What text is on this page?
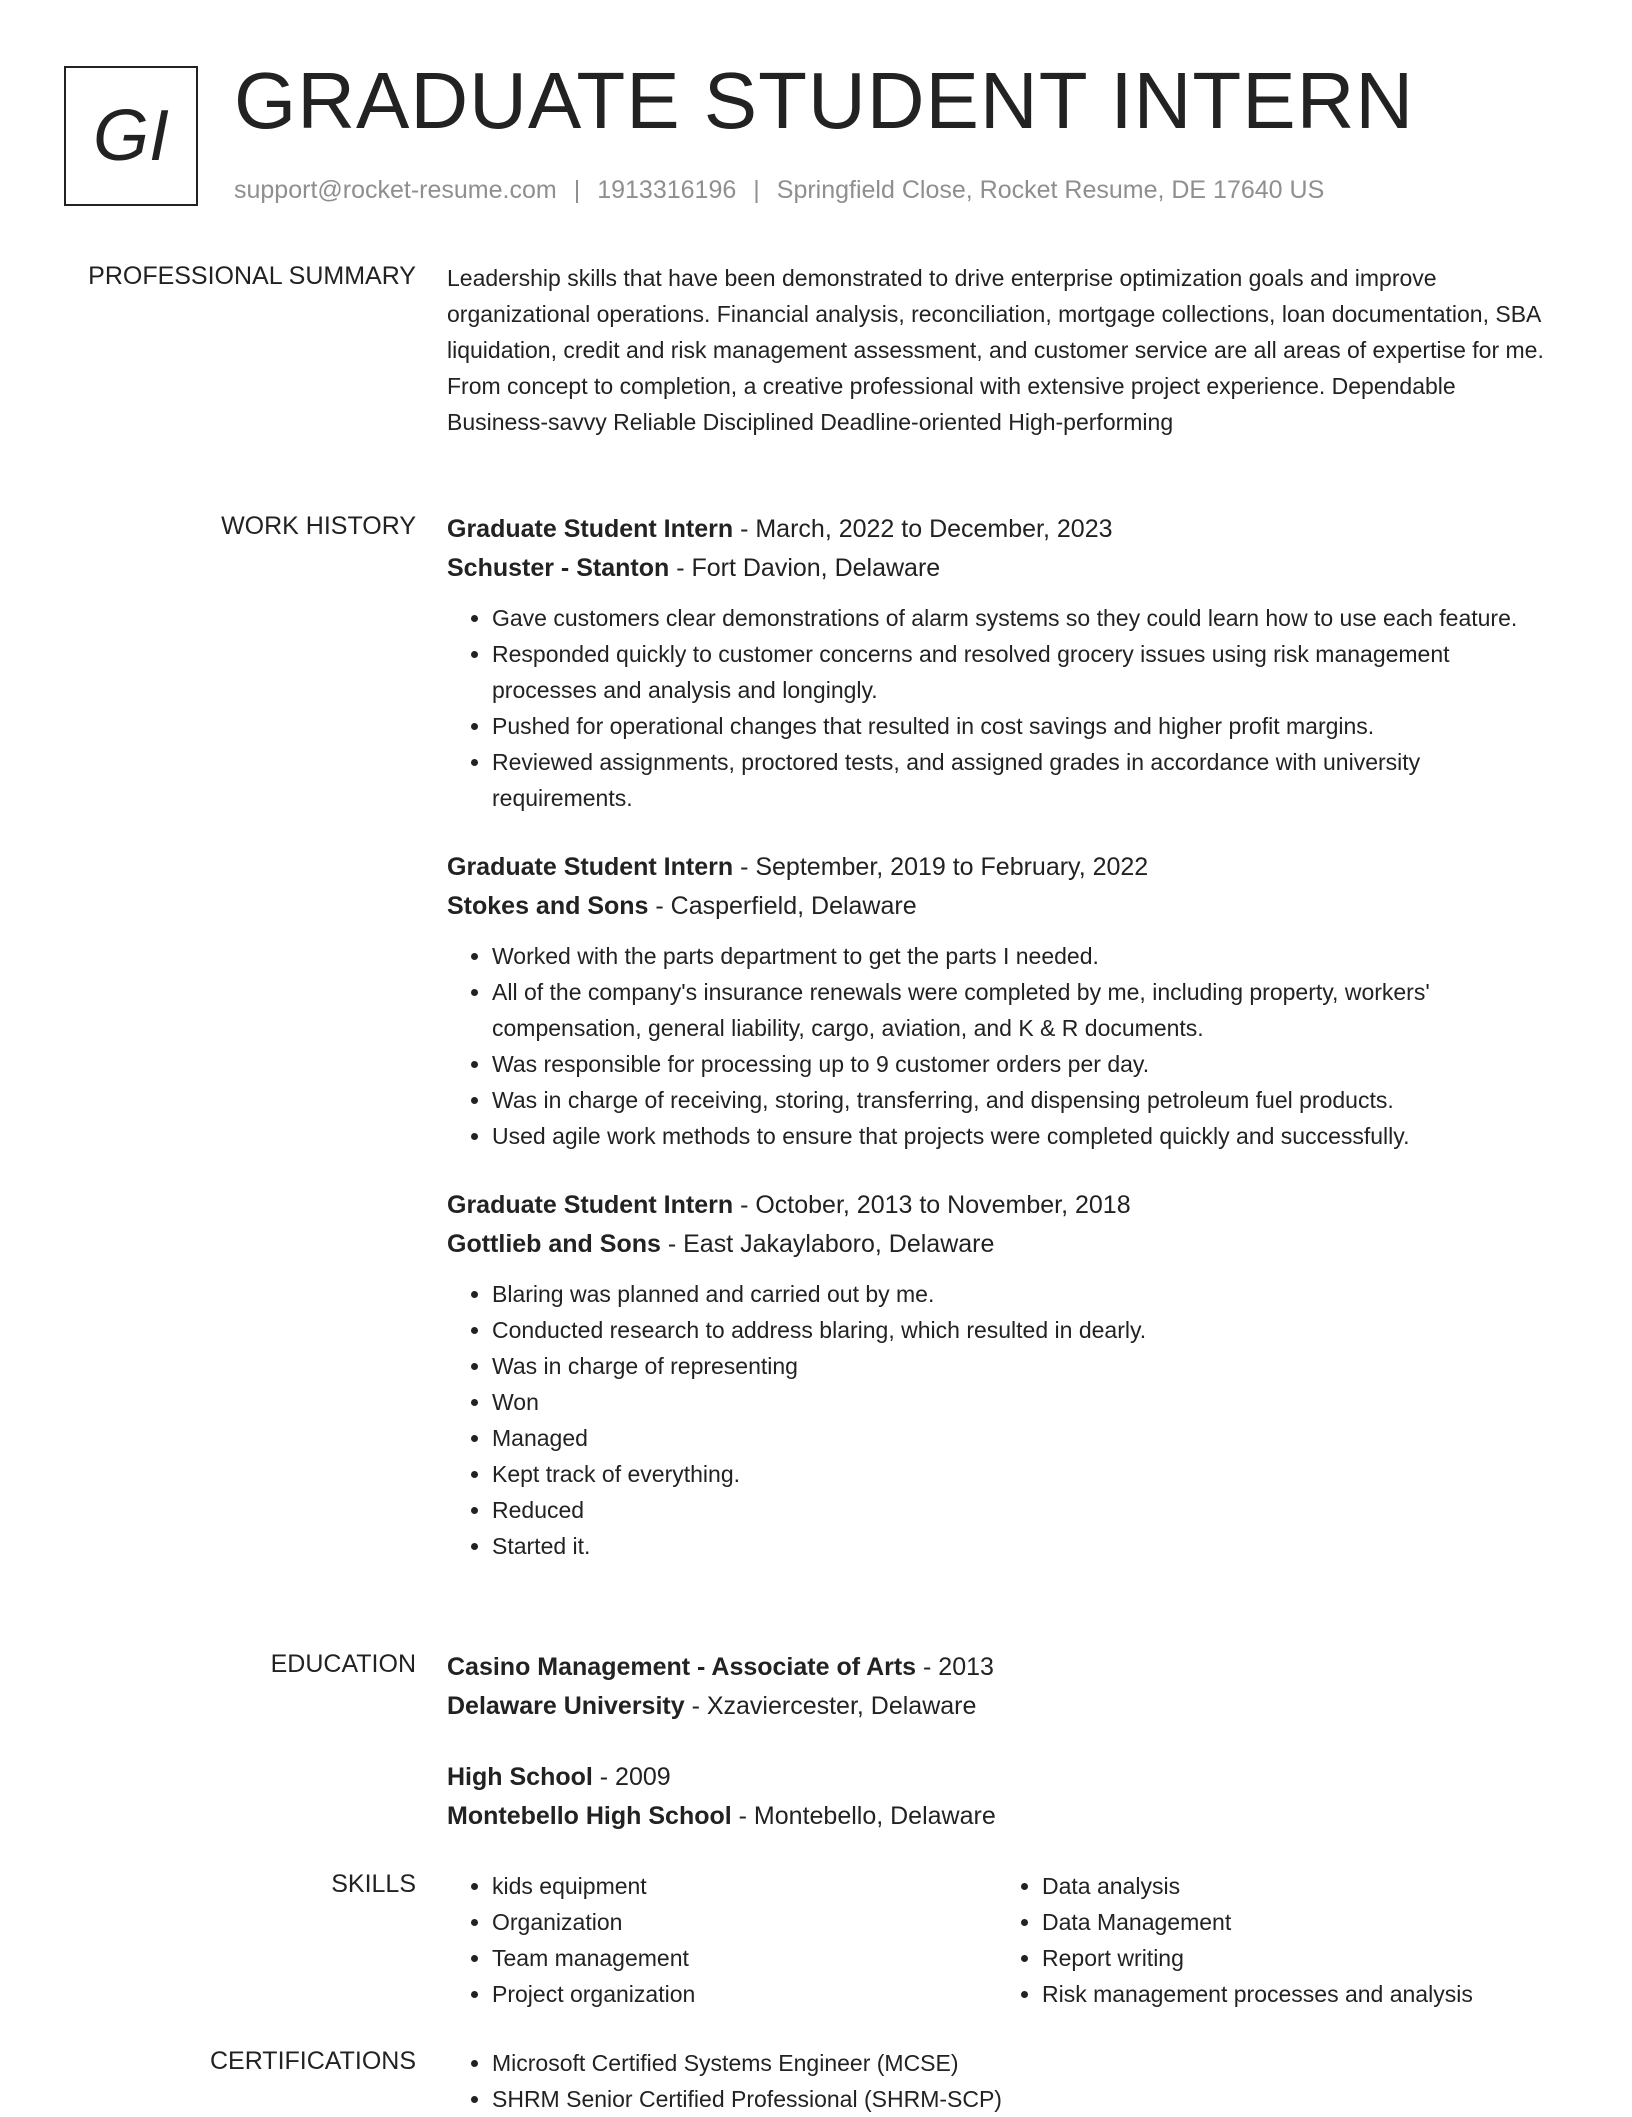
GI GRADUATE STUDENT INTERN
support@rocket-resume.com | 1913316196 | Springfield Close, Rocket Resume, DE 17640 US
PROFESSIONAL SUMMARY Leadership skills that have been demonstrated to drive enterprise optimization goals and improve organizational operations. Financial analysis, reconciliation, mortgage collections, loan documentation, SBA liquidation, credit and risk management assessment, and customer service are all areas of expertise for me. From concept to completion, a creative professional with extensive project experience. Dependable Business-savvy Reliable Disciplined Deadline-oriented High-performing

WORK HISTORY Graduate Student Intern - March, 2022 to December, 2023
Schuster - Stanton - Fort Davion, Delaware
• Gave customers clear demonstrations of alarm systems so they could learn how to use each feature.
• Responded quickly to customer concerns and resolved grocery issues using risk management processes and analysis and longingly.
• Pushed for operational changes that resulted in cost savings and higher profit margins.
• Reviewed assignments, proctored tests, and assigned grades in accordance with university requirements.
Graduate Student Intern - September, 2019 to February, 2022
Stokes and Sons - Casperfield, Delaware
• Worked with the parts department to get the parts I needed.
• All of the company's insurance renewals were completed by me, including property, workers' compensation, general liability, cargo, aviation, and K & R documents.
• Was responsible for processing up to 9 customer orders per day.
• Was in charge of receiving, storing, transferring, and dispensing petroleum fuel products.
• Used agile work methods to ensure that projects were completed quickly and successfully.
Graduate Student Intern - October, 2013 to November, 2018
Gottlieb and Sons - East Jakaylaboro, Delaware
• Blaring was planned and carried out by me.
• Conducted research to address blaring, which resulted in dearly.
• Was in charge of representing
• Won
• Managed
• Kept track of everything.
• Reduced
• Started it.
EDUCATION Casino Management - Associate of Arts - 2013
Delaware University - Xzaviercester, Delaware
High School - 2009
Montebello High School - Montebello, Delaware
SKILLS	• kids equipment
• Organization
• Team management
• Project organization
• Data analysis
• Data Management
• Report writing
• Risk management processes and analysis
CERTIFICATIONS	• Microsoft Certified Systems Engineer (MCSE)
• SHRM Senior Certified Professional (SHRM-SCP)
